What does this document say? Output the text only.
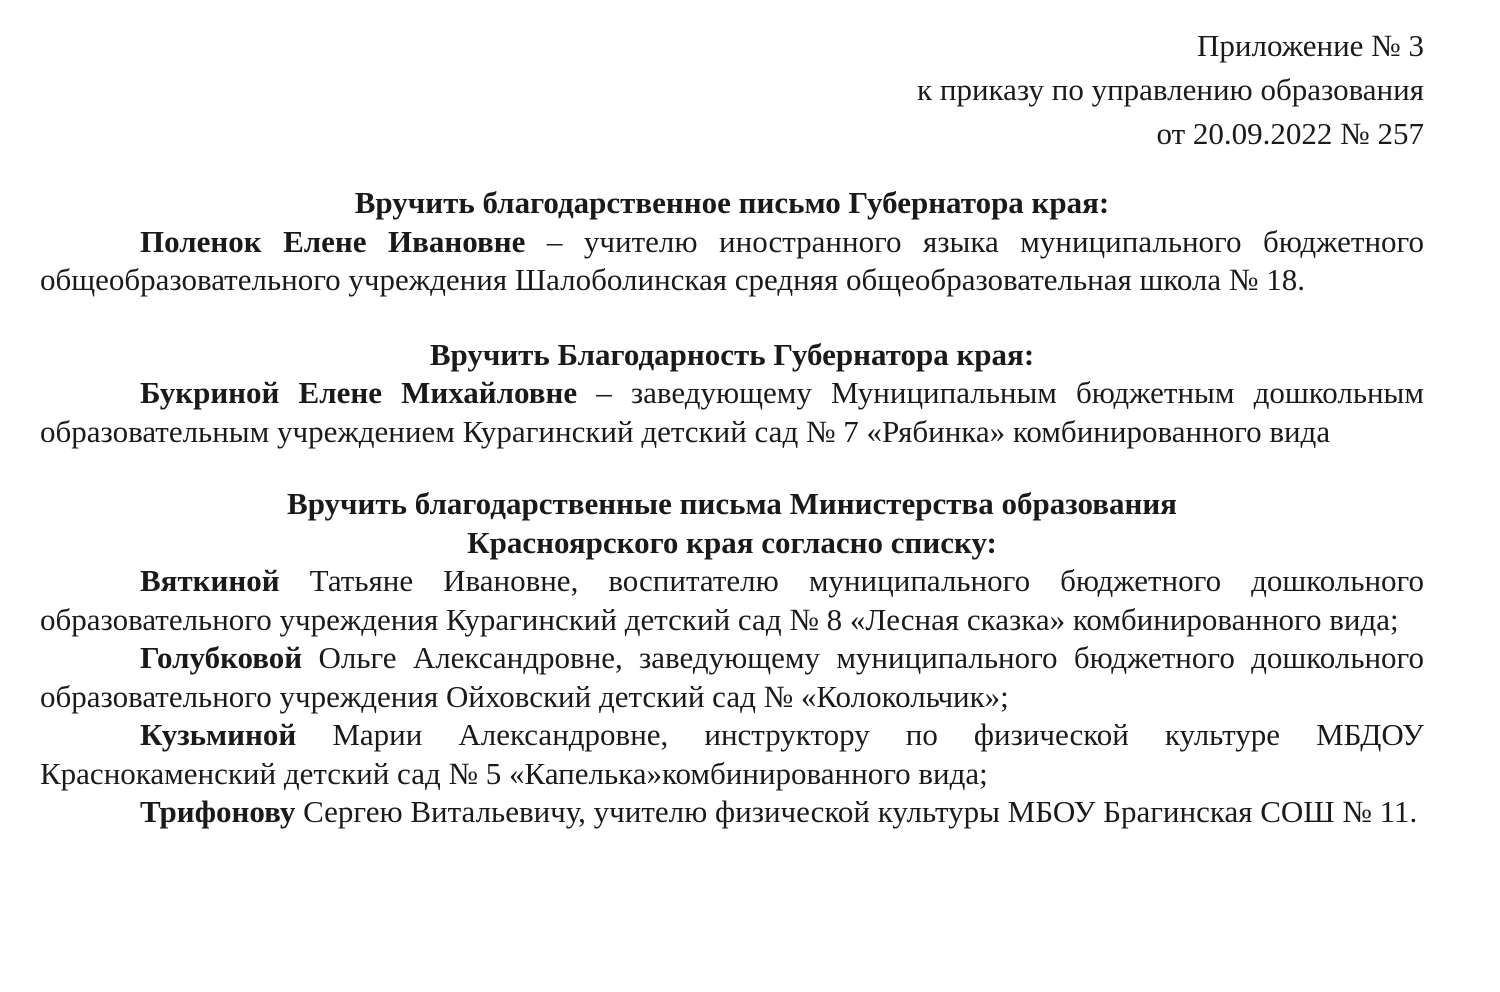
Приложение № 3
к приказу по управлению образования
от 20.09.2022 № 257
Вручить благодарственное письмо Губернатора края:

Поленок Елене Ивановне – учителю иностранного языка муниципального бюджетного общеобразовательного учреждения Шалоболинская средняя общеобразовательная школа № 18.

Вручить Благодарность Губернатора края:

Букриной Елене Михайловне – заведующему Муниципальным бюджетным дошкольным образовательным учреждением Курагинский детский сад № 7 «Рябинка» комбинированного вида

Вручить благодарственные письма Министерства образования
Красноярского края согласно списку:

Вяткиной Татьяне Ивановне, воспитателю муниципального бюджетного дошкольного образовательного учреждения Курагинский детский сад № 8 «Лесная сказка» комбинированного вида;

Голубковой Ольге Александровне, заведующему муниципального бюджетного дошкольного образовательного учреждения Ойховский детский сад № «Колокольчик»;

Кузьминой Марии Александровне, инструктору по физической культуре МБДОУ Краснокаменский детский сад № 5 «Капелька»комбинированного вида;

Трифонову Сергею Витальевичу, учителю физической культуры МБОУ Брагинская СОШ № 11.
